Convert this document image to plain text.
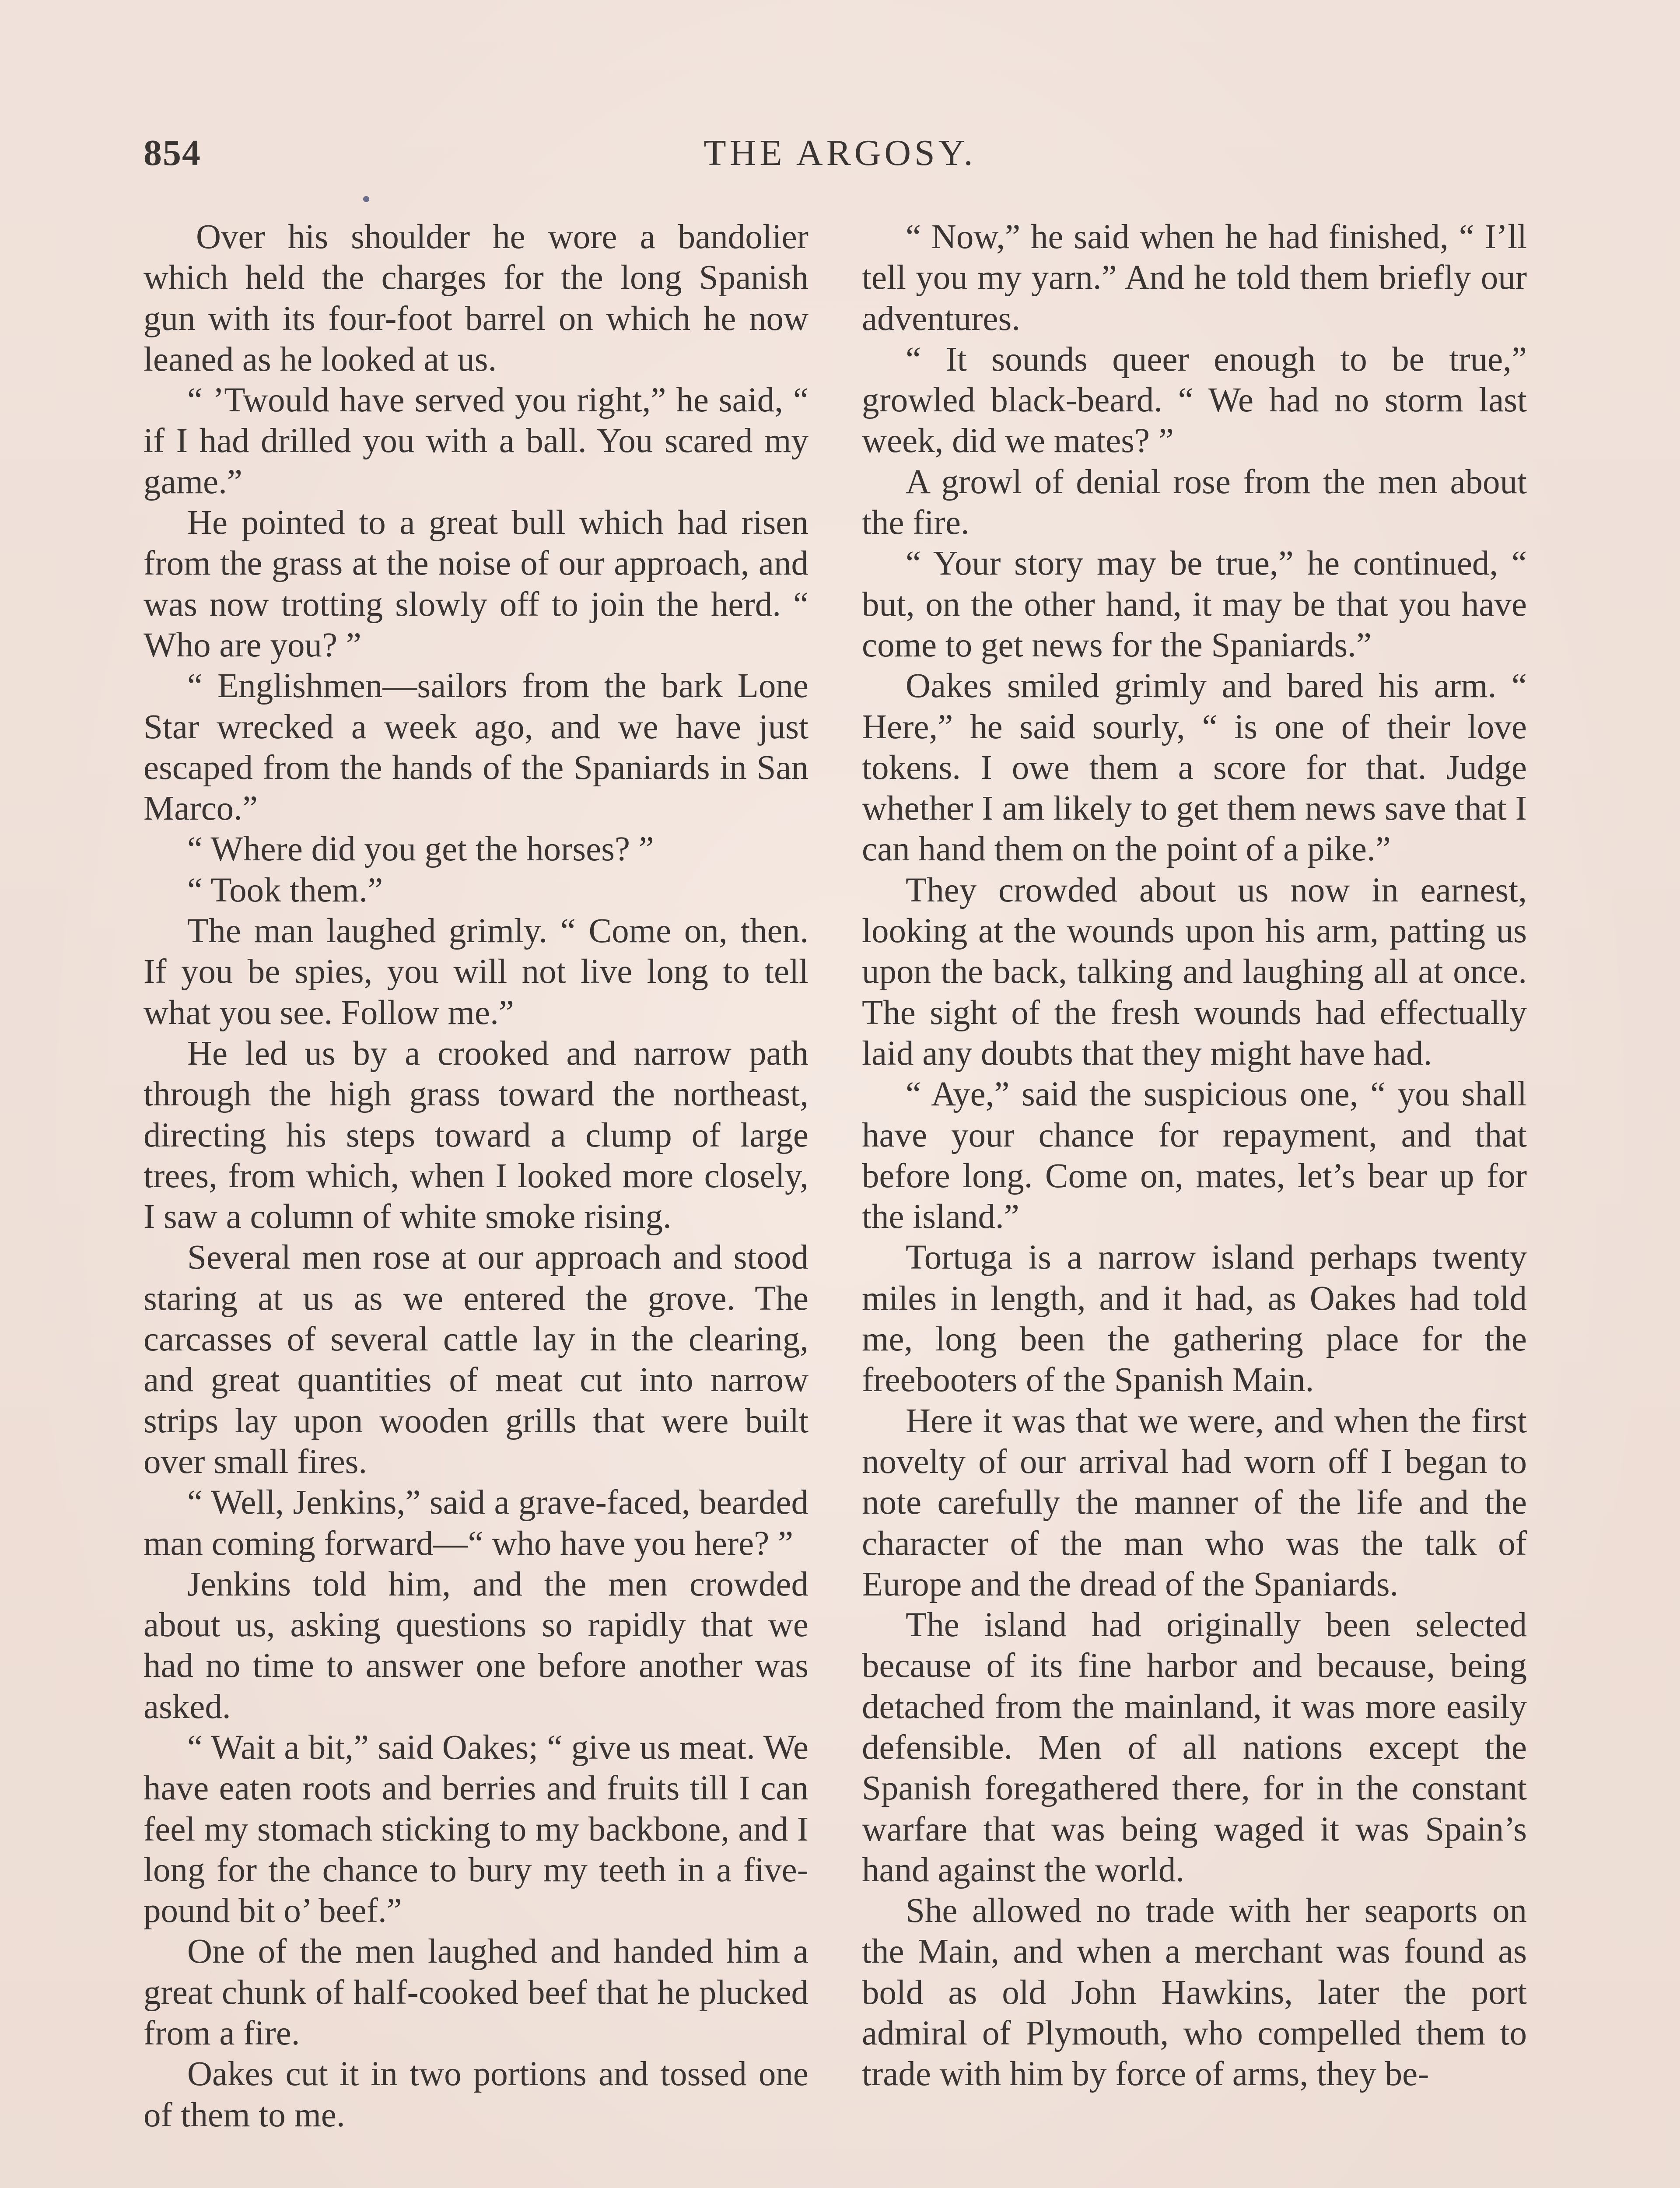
854	THE ARGOSY.

Over his shoulder he wore a bandolier which held the charges for the long Spanish gun with its four-foot barrel on which he now leaned as he looked at us.

“ ’Twould have served you right,” he said, “ if I had drilled you with a ball. You scared my game.”

He pointed to a great bull which had risen from the grass at the noise of our approach, and was now trotting slowly off to join the herd. “ Who are you? ”

“ Englishmen—sailors from the bark Lone Star wrecked a week ago, and we have just escaped from the hands of the Spaniards in San Marco.”

“ Where did you get the horses? ”

“ Took them.”

The man laughed grimly. “ Come on, then. If you be spies, you will not live long to tell what you see. Follow me.”

He led us by a crooked and narrow path through the high grass toward the northeast, directing his steps toward a clump of large trees, from which, when I looked more closely, I saw a column of white smoke rising.

Several men rose at our approach and stood staring at us as we entered the grove. The carcasses of several cattle lay in the clearing, and great quantities of meat cut into narrow strips lay upon wooden grills that were built over small fires.

“ Well, Jenkins,” said a grave-faced, bearded man coming forward—“ who have you here? ”

Jenkins told him, and the men crowded about us, asking questions so rapidly that we had no time to answer one before another was asked.

“ Wait a bit,” said Oakes; “ give us meat. We have eaten roots and berries and fruits till I can feel my stomach sticking to my backbone, and I long for the chance to bury my teeth in a five-pound bit o’ beef.”

One of the men laughed and handed him a great chunk of half-cooked beef that he plucked from a fire.

Oakes cut it in two portions and tossed one of them to me.

“ Now,” he said when he had finished, “ I’ll tell you my yarn.” And he told them briefly our adventures.

“ It sounds queer enough to be true,” growled black-beard. “ We had no storm last week, did we mates? ”

A growl of denial rose from the men about the fire.

“ Your story may be true,” he continued, “ but, on the other hand, it may be that you have come to get news for the Spaniards.”

Oakes smiled grimly and bared his arm. “ Here,” he said sourly, “ is one of their love tokens. I owe them a score for that. Judge whether I am likely to get them news save that I can hand them on the point of a pike.”

They crowded about us now in earnest, looking at the wounds upon his arm, patting us upon the back, talking and laughing all at once. The sight of the fresh wounds had effectually laid any doubts that they might have had.

“ Aye,” said the suspicious one, “ you shall have your chance for repayment, and that before long. Come on, mates, let’s bear up for the island.”

Tortuga is a narrow island perhaps twenty miles in length, and it had, as Oakes had told me, long been the gathering place for the freebooters of the Spanish Main.

Here it was that we were, and when the first novelty of our arrival had worn off I began to note carefully the manner of the life and the character of the man who was the talk of Europe and the dread of the Spaniards.

The island had originally been selected because of its fine harbor and because, being detached from the mainland, it was more easily defensible. Men of all nations except the Spanish foregathered there, for in the constant warfare that was being waged it was Spain’s hand against the world.

She allowed no trade with her seaports on the Main, and when a merchant was found as bold as old John Hawkins, later the port admiral of Plymouth, who compelled them to trade with him by force of arms, they be-
